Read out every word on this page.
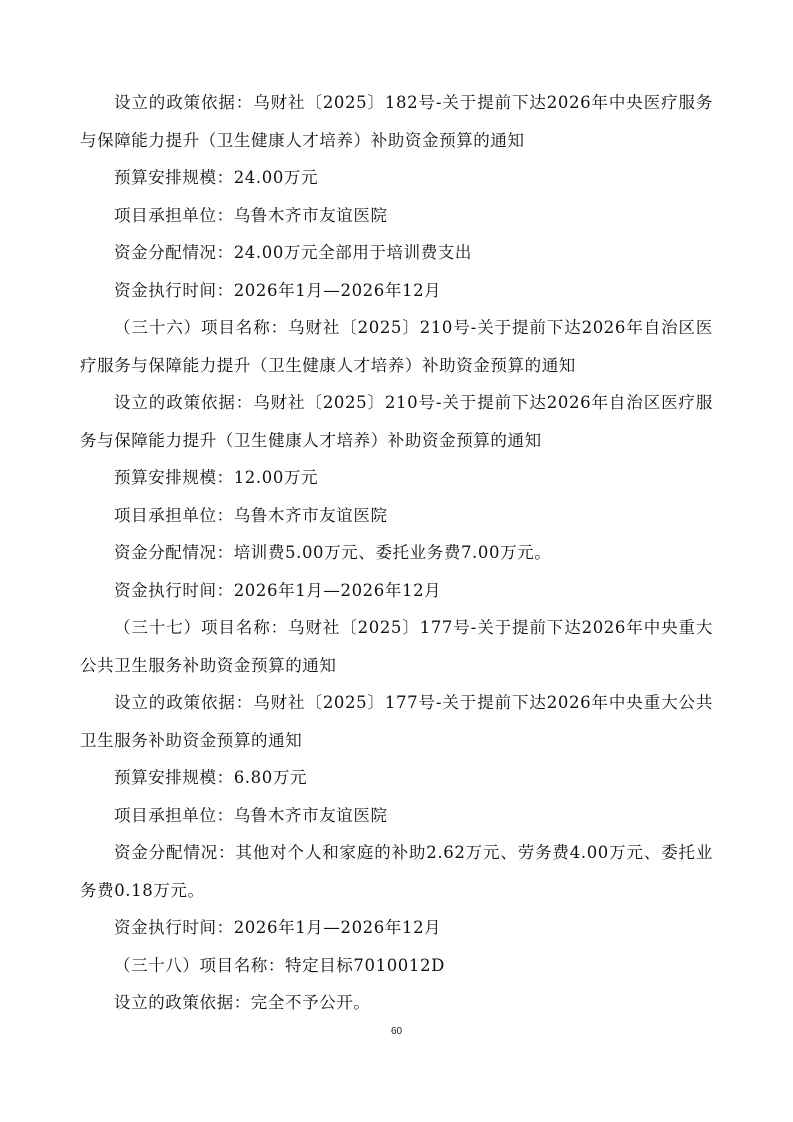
设立的政策依据：乌财社〔2025〕182号-关于提前下达2026年中央医疗服务与保障能力提升（卫生健康人才培养）补助资金预算的通知

预算安排规模：24.00万元

项目承担单位：乌鲁木齐市友谊医院

资金分配情况：24.00万元全部用于培训费支出

资金执行时间：2026年1月—2026年12月

（三十六）项目名称：乌财社〔2025〕210号-关于提前下达2026年自治区医疗服务与保障能力提升（卫生健康人才培养）补助资金预算的通知

设立的政策依据：乌财社〔2025〕210号-关于提前下达2026年自治区医疗服务与保障能力提升（卫生健康人才培养）补助资金预算的通知

预算安排规模：12.00万元

项目承担单位：乌鲁木齐市友谊医院

资金分配情况：培训费5.00万元、委托业务费7.00万元。

资金执行时间：2026年1月—2026年12月

（三十七）项目名称：乌财社〔2025〕177号-关于提前下达2026年中央重大公共卫生服务补助资金预算的通知

设立的政策依据：乌财社〔2025〕177号-关于提前下达2026年中央重大公共卫生服务补助资金预算的通知

预算安排规模：6.80万元

项目承担单位：乌鲁木齐市友谊医院

资金分配情况：其他对个人和家庭的补助2.62万元、劳务费4.00万元、委托业务费0.18万元。

资金执行时间：2026年1月—2026年12月

（三十八）项目名称：特定目标7010012D

设立的政策依据：完全不予公开。

60
